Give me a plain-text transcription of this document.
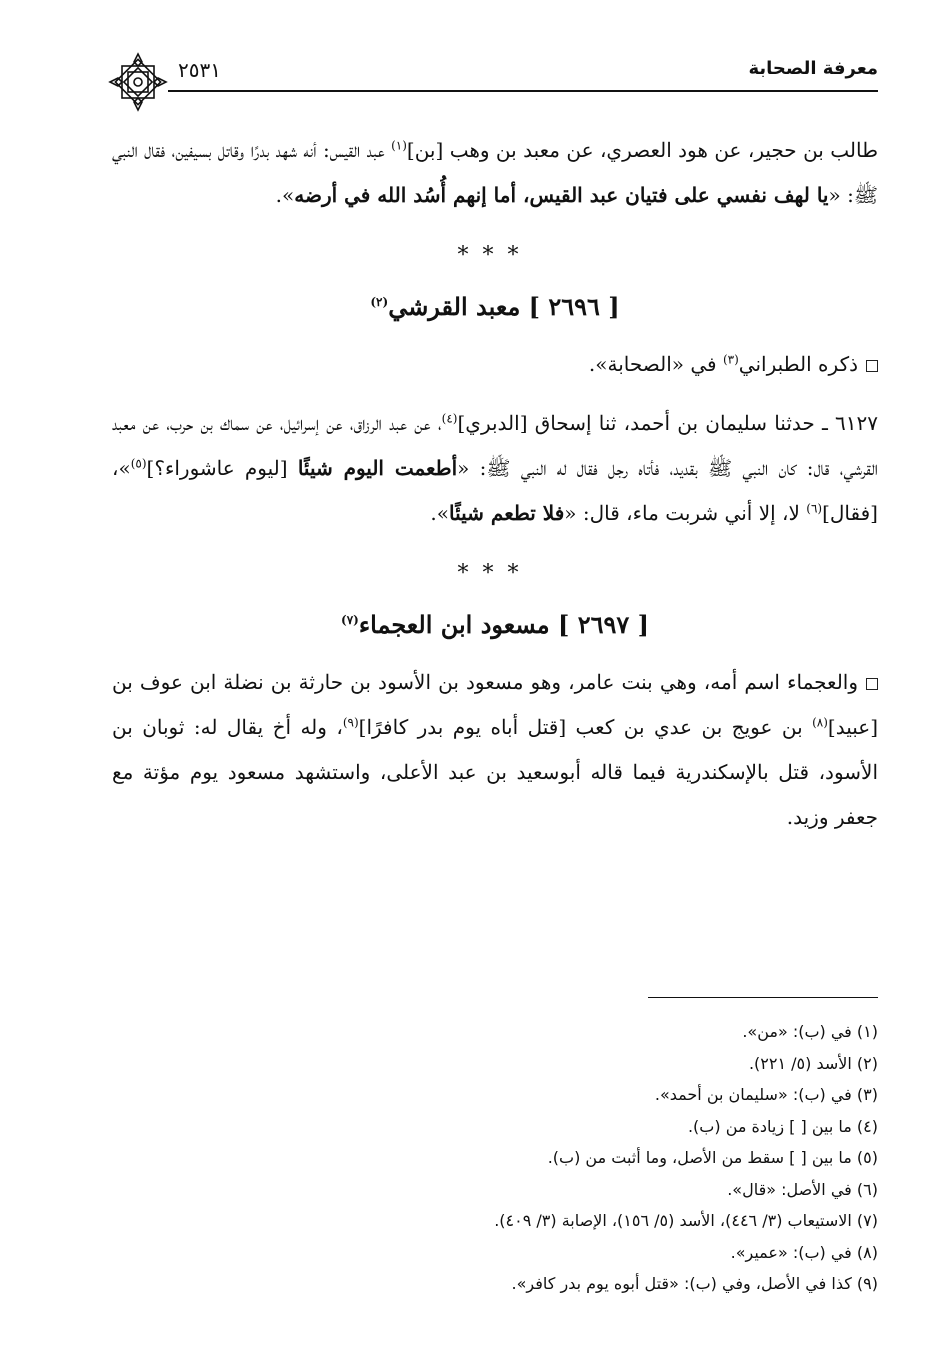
٢٥٣١	معرفة الصحابة

طالب بن حجير، عن هود العصري، عن معبد بن وهب [بن]$^{(١)}$ عبد القيس: أنه شهد بدرًا وقاتل بسيفين، فقال النبي ﷺ: «يا لهف نفسي على فتيان عبد القيس، أما إنهم أُسُد الله في أرضه».

***
[ ٢٦٩٦ ] معبد القرشي$^{(٢)}$

ذكره الطبراني$^{(٣)}$ في «الصحابة».

٦١٢٧ ـ حدثنا سليمان بن أحمد، ثنا إسحاق [الدبري]$^{(٤)}$، عن عبد الرزاق، عن إسرائيل، عن سماك بن حرب، عن معبد القرشي، قال: كان النبي ﷺ بقديد، فأتاه رجل فقال له النبي ﷺ: «أطعمت اليوم شيئًا [ليوم عاشوراء؟]$^{(٥)}$»، [فقال]$^{(٦)}$ لا، إلا أني شربت ماء، قال: «فلا تطعم شيئًا».

***
[ ٢٦٩٧ ] مسعود ابن العجماء$^{(٧)}$

والعجماء اسم أمه، وهي بنت عامر، وهو مسعود بن الأسود بن حارثة بن نضلة ابن عوف بن [عبيد]$^{(٨)}$ بن عويج بن عدي بن كعب [قتل أباه يوم بدر كافرًا]$^{(٩)}$، وله أخ يقال له: ثوبان بن الأسود، قتل بالإسكندرية فيما قاله أبوسعيد بن عبد الأعلى، واستشهد مسعود يوم مؤتة مع جعفر وزيد.

(١) في (ب): «من».

(٢) الأسد (٥/ ٢٢١).

(٣) في (ب): «سليمان بن أحمد».

(٤) ما بين [ ] زيادة من (ب).

(٥) ما بين [ ] سقط من الأصل، وما أثبت من (ب).

(٦) في الأصل: «قال».

(٧) الاستيعاب (٣/ ٤٤٦)، الأسد (٥/ ١٥٦)، الإصابة (٣/ ٤٠٩).

(٨) في (ب): «عمير».

(٩) كذا في الأصل، وفي (ب): «قتل أبوه يوم بدر كافر».
